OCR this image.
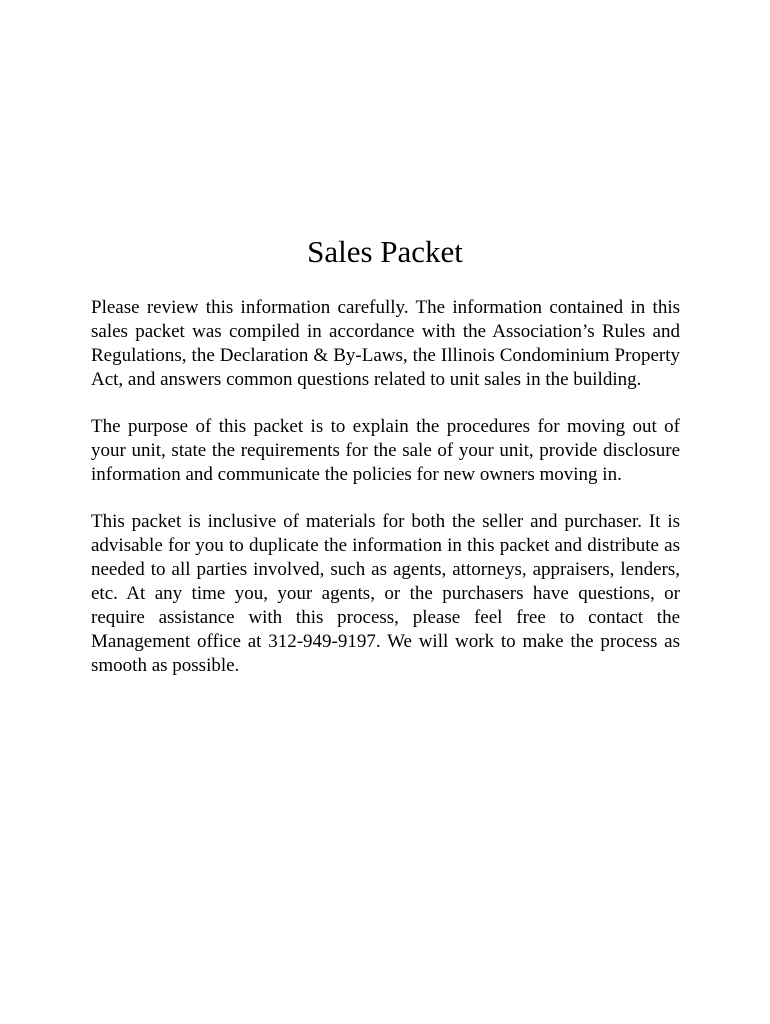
Sales Packet

Please review this information carefully. The information contained in this sales packet was compiled in accordance with the Association’s Rules and Regulations, the Declaration & By-Laws, the Illinois Condominium Property Act, and answers common questions related to unit sales in the building.

The purpose of this packet is to explain the procedures for moving out of your unit, state the requirements for the sale of your unit, provide disclosure information and communicate the policies for new owners moving in.

This packet is inclusive of materials for both the seller and purchaser. It is advisable for you to duplicate the information in this packet and distribute as needed to all parties involved, such as agents, attorneys, appraisers, lenders, etc. At any time you, your agents, or the purchasers have questions, or require assistance with this process, please feel free to contact the Management office at 312-949-9197. We will work to make the process as smooth as possible.
